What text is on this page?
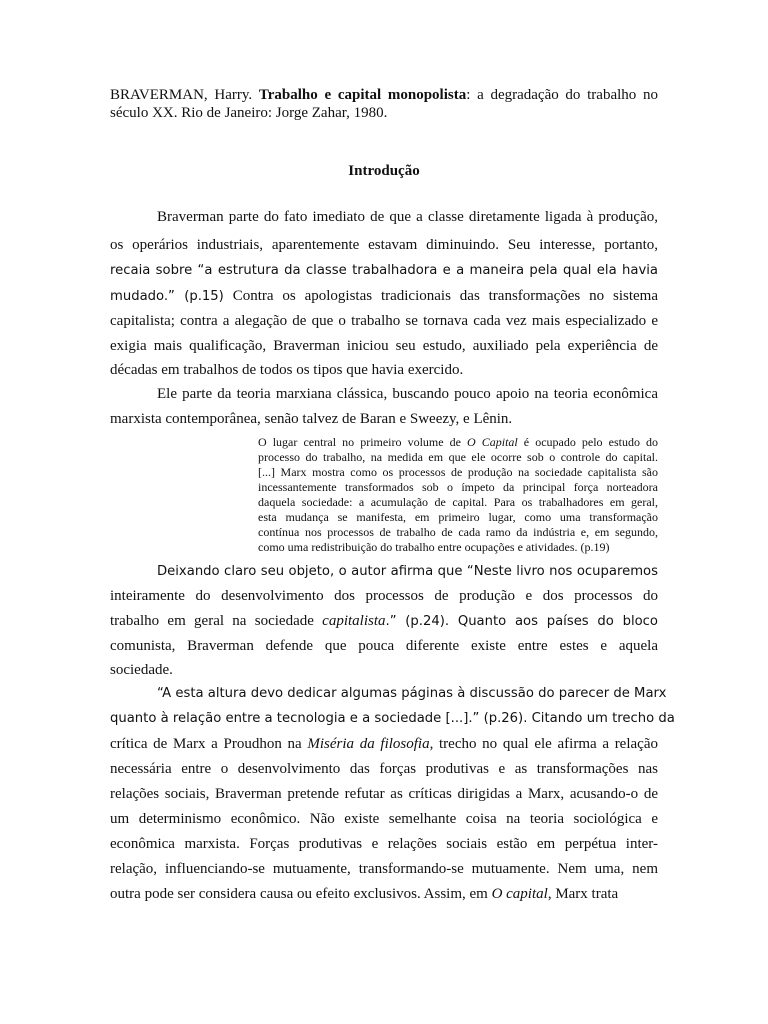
BRAVERMAN, Harry. Trabalho e capital monopolista: a degradação do trabalho no
século XX. Rio de Janeiro: Jorge Zahar, 1980.
Introdução
Braverman parte do fato imediato de que a classe diretamente ligada à produção,
os operários industriais, aparentemente estavam diminuindo. Seu interesse, portanto,
recaia sobre “a estrutura da classe trabalhadora e a maneira pela qual ela havia
mudado.” (p.15) Contra os apologistas tradicionais das transformações no sistema
capitalista; contra a alegação de que o trabalho se tornava cada vez mais especializado e
exigia mais qualificação, Braverman iniciou seu estudo, auxiliado pela experiência de
décadas em trabalhos de todos os tipos que havia exercido.
Ele parte da teoria marxiana clássica, buscando pouco apoio na teoria econômica
marxista contemporânea, senão talvez de Baran e Sweezy, e Lênin.
O lugar central no primeiro volume de O Capital é ocupado pelo estudo do
processo do trabalho, na medida em que ele ocorre sob o controle do capital.
[...] Marx mostra como os processos de produção na sociedade capitalista são
incessantemente transformados sob o ímpeto da principal força norteadora
daquela sociedade: a acumulação de capital. Para os trabalhadores em geral,
esta mudança se manifesta, em primeiro lugar, como uma transformação
contínua nos processos de trabalho de cada ramo da indústria e, em segundo,
como uma redistribuição do trabalho entre ocupações e atividades. (p.19)
Deixando claro seu objeto, o autor afirma que “Neste livro nos ocuparemos
inteiramente do desenvolvimento dos processos de produção e dos processos do
trabalho em geral na sociedade capitalista.” (p.24). Quanto aos países do bloco
comunista, Braverman defende que pouca diferente existe entre estes e aquela
sociedade.
“A esta altura devo dedicar algumas páginas à discussão do parecer de Marx
quanto à relação entre a tecnologia e a sociedade [...].” (p.26). Citando um trecho da
crítica de Marx a Proudhon na Miséria da filosofia, trecho no qual ele afirma a relação
necessária entre o desenvolvimento das forças produtivas e as transformações nas
relações sociais, Braverman pretende refutar as críticas dirigidas a Marx, acusando-o de
um determinismo econômico. Não existe semelhante coisa na teoria sociológica e
econômica marxista. Forças produtivas e relações sociais estão em perpétua inter-
relação, influenciando-se mutuamente, transformando-se mutuamente. Nem uma, nem
outra pode ser considera causa ou efeito exclusivos. Assim, em O capital, Marx trata
